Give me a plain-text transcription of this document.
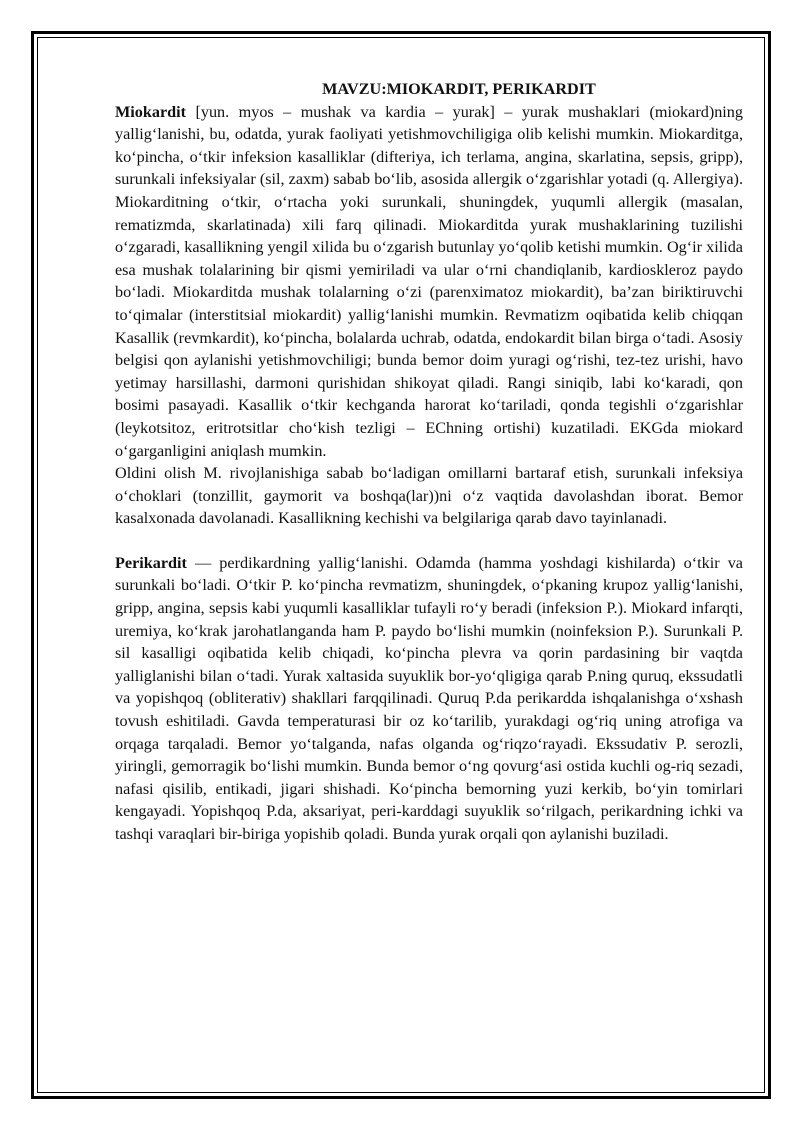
MAVZU:MIOKARDIT, PERIKARDIT

Miokardit [yun. myos – mushak va kardia – yurak] – yurak mushaklari (miokard)ning yallig‘lanishi, bu, odatda, yurak faoliyati yetishmovchiligiga olib kelishi mumkin. Miokarditga, ko‘pincha, o‘tkir infeksion kasalliklar (difteriya, ich terlama, angina, skarlatina, sepsis, gripp), surunkali infeksiyalar (sil, zaxm) sabab bo‘lib, asosida allergik o‘zgarishlar yotadi (q. Allergiya). Miokarditning o‘tkir, o‘rtacha yoki surunkali, shuningdek, yuqumli allergik (masalan, rematizmda, skarlatinada) xili farq qilinadi. Miokarditda yurak mushaklarining tuzilishi o‘zgaradi, kasallikning yengil xilida bu o‘zgarish butunlay yo‘qolib ketishi mumkin. Og‘ir xilida esa mushak tolalarining bir qismi yemiriladi va ular o‘rni chandiqlanib, kardioskleroz paydo bo‘ladi. Miokarditda mushak tolalarning o‘zi (parenximatoz miokardit), ba’zan biriktiruvchi to‘qimalar (interstitsial miokardit) yallig‘lanishi mumkin. Revmatizm oqibatida kelib chiqqan Kasallik (revmkardit), ko‘pincha, bolalarda uchrab, odatda, endokardit bilan birga o‘tadi. Asosiy belgisi qon aylanishi yetishmovchiligi; bunda bemor doim yuragi og‘rishi, tez-tez urishi, havo yetimay harsillashi, darmoni qurishidan shikoyat qiladi. Rangi siniqib, labi ko‘karadi, qon bosimi pasayadi. Kasallik o‘tkir kechganda harorat ko‘tariladi, qonda tegishli o‘zgarishlar (leykotsitoz, eritrotsitlar cho‘kish tezligi – EChning ortishi) kuzatiladi. EKGda miokard o‘garganligini aniqlash mumkin.

Oldini olish M. rivojlanishiga sabab bo‘ladigan omillarni bartaraf etish, surunkali infeksiya o‘choklari (tonzillit, gaymorit va boshqa(lar))ni o‘z vaqtida davolashdan iborat. Bemor kasalxonada davolanadi. Kasallikning kechishi va belgilariga qarab davo tayinlanadi.

Perikardit — perdikardning yallig‘lanishi. Odamda (hamma yoshdagi kishilarda) o‘tkir va surunkali bo‘ladi. O‘tkir P. ko‘pincha revmatizm, shuningdek, o‘pkaning krupoz yallig‘lanishi, gripp, angina, sepsis kabi yuqumli kasalliklar tufayli ro‘y beradi (infeksion P.). Miokard infarqti, uremiya, ko‘krak jarohatlanganda ham P. paydo bo‘lishi mumkin (noinfeksion P.). Surunkali P. sil kasalligi oqibatida kelib chiqadi, ko‘pincha plevra va qorin pardasining bir vaqtda yalliglanishi bilan o‘tadi. Yurak xaltasida suyuklik bor-yo‘qligiga qarab P.ning quruq, ekssudatli va yopishqoq (obliterativ) shakllari farqqilinadi. Quruq P.da perikardda ishqalanishga o‘xshash tovush eshitiladi. Gavda temperaturasi bir oz ko‘tarilib, yurakdagi og‘riq uning atrofiga va orqaga tarqaladi. Bemor yo‘talganda, nafas olganda og‘riqzo‘rayadi. Ekssudativ P. serozli, yiringli, gemorragik bo‘lishi mumkin. Bunda bemor o‘ng qovurg‘asi ostida kuchli og-riq sezadi, nafasi qisilib, entikadi, jigari shishadi. Ko‘pincha bemorning yuzi kerkib, bo‘yin tomirlari kengayadi. Yopishqoq P.da, aksariyat, peri-karddagi suyuklik so‘rilgach, perikardning ichki va tashqi varaqlari bir-biriga yopishib qoladi. Bunda yurak orqali qon aylanishi buziladi.
